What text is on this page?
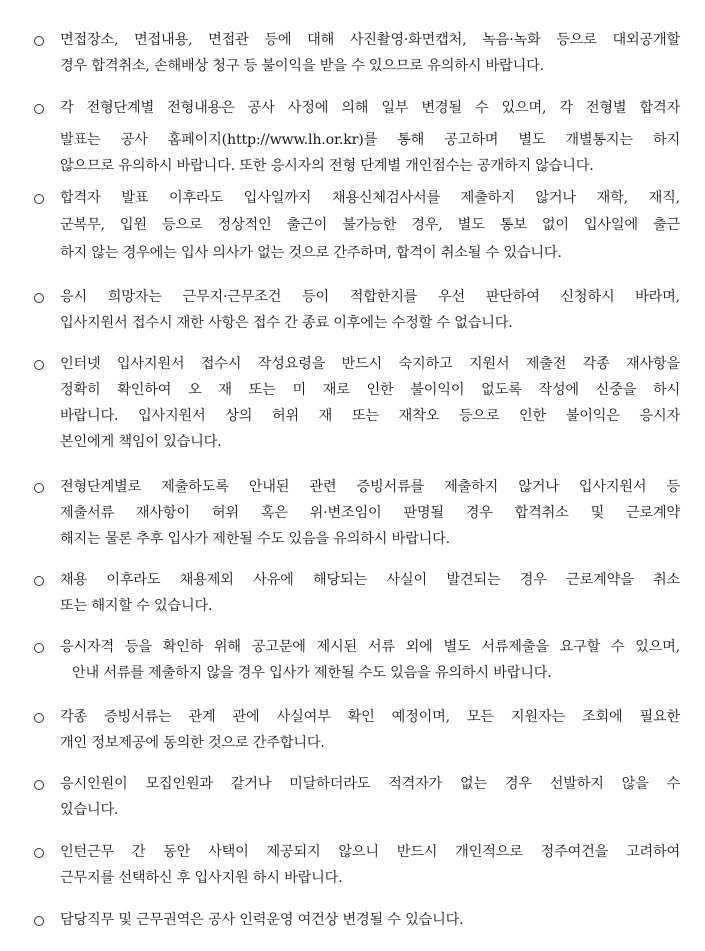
면접장소, 면접내용, 면접관 등에 대해 사진촬영·화면캡처, 녹음·녹화 등으로 대외공개할
경우 합격취소, 손해배상 청구 등 불이익을 받을 수 있으므로 유의하시 바랍니다.
각 전형단계별 전형내용은 공사 사정에 의해 일부 변경될 수 있으며, 각 전형별 합격자
발표는 공사 홈페이지(http://www.lh.or.kr)를 통해 공고하며 별도 개별통지는 하지
않으므로 유의하시 바랍니다. 또한 응시자의 전형 단계별 개인점수는 공개하지 않습니다.
합격자 발표 이후라도 입사일까지 채용신체검사서를 제출하지 않거나 재학, 재직,
군복무, 입원 등으로 정상적인 출근이 불가능한 경우, 별도 통보 없이 입사일에 출근
하지 않는 경우에는 입사 의사가 없는 것으로 간주하며, 합격이 취소될 수 있습니다.
응시 희망자는 근무지·근무조건 등이 적합한지를 우선 판단하여 신청하시 바라며,
입사지원서 접수시 재한 사항은 접수 간 종료 이후에는 수정할 수 없습니다.
인터넷 입사지원서 접수시 작성요령을 반드시 숙지하고 지원서 제출전 각종 재사항을
정확히 확인하여 오 재 또는 미 재로 인한 불이익이 없도록 작성에 신중을 하시
바랍니다. 입사지원서 상의 허위 재 또는 재착오 등으로 인한 불이익은 응시자
본인에게 책임이 있습니다.
전형단계별로 제출하도록 안내된 관련 증빙서류를 제출하지 않거나 입사지원서 등
제출서류 재사항이 허위 혹은 위·변조임이 판명될 경우 합격취소 및 근로계약
해지는 물론 추후 입사가 제한될 수도 있음을 유의하시 바랍니다.
채용 이후라도 채용제외 사유에 해당되는 사실이 발견되는 경우 근로계약을 취소
또는 해지할 수 있습니다.
응시자격 등을 확인하 위해 공고문에 제시된 서류 외에 별도 서류제출을 요구할 수 있으며,
안내 서류를 제출하지 않을 경우 입사가 제한될 수도 있음을 유의하시 바랍니다.
각종 증빙서류는 관계 관에 사실여부 확인 예정이며, 모든 지원자는 조회에 필요한
개인 정보제공에 동의한 것으로 간주합니다.
응시인원이 모집인원과 같거나 미달하더라도 적격자가 없는 경우 선발하지 않을 수
있습니다.
인턴근무 간 동안 사택이 제공되지 않으니 반드시 개인적으로 정주여건을 고려하여
근무지를 선택하신 후 입사지원 하시 바랍니다.
담당직무 및 근무권역은 공사 인력운영 여건상 변경될 수 있습니다.
